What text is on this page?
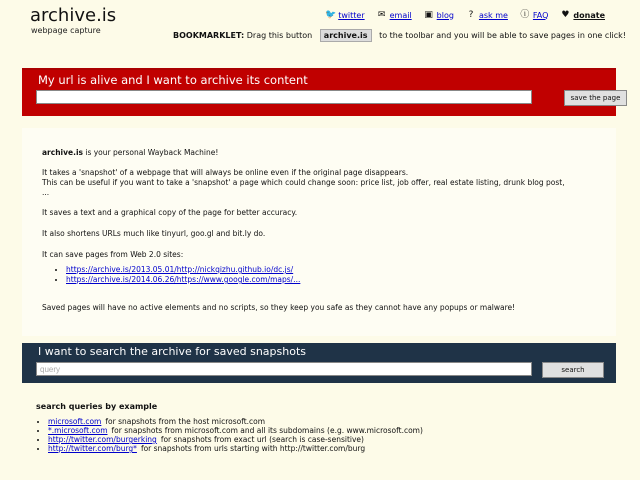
archive.is
webpage capture
🐦 twitter ✉ email ▣ blog ? ask me ⓘ FAQ ♥ donate
BOOKMARKLET: Drag this button archive.is to the toolbar and you will be able to save pages in one click!
My url is alive and I want to archive its content
save the page

archive.is is your personal Wayback Machine!

It takes a 'snapshot' of a webpage that will always be online even if the original page disappears.

This can be useful if you want to take a 'snapshot' a page which could change soon: price list, job offer, real estate listing, drunk blog post,

...

It saves a text and a graphical copy of the page for better accuracy.

It also shortens URLs much like tinyurl, goo.gl and bit.ly do.

It can save pages from Web 2.0 sites:

• https://archive.is/2013.05.01/http://nickqizhu.github.io/dc.js/
• https://archive.is/2014.06.26/https://www.google.com/maps/...

Saved pages will have no active elements and no scripts, so they keep you safe as they cannot have any popups or malware!

I want to search the archive for saved snapshots
query
search
search queries by example
• microsoft.com for snapshots from the host microsoft.com
• *.microsoft.com for snapshots from microsoft.com and all its subdomains (e.g. www.microsoft.com)
• http://twitter.com/burgerking for snapshots from exact url (search is case-sensitive)
• http://twitter.com/burg* for snapshots from urls starting with http://twitter.com/burg
